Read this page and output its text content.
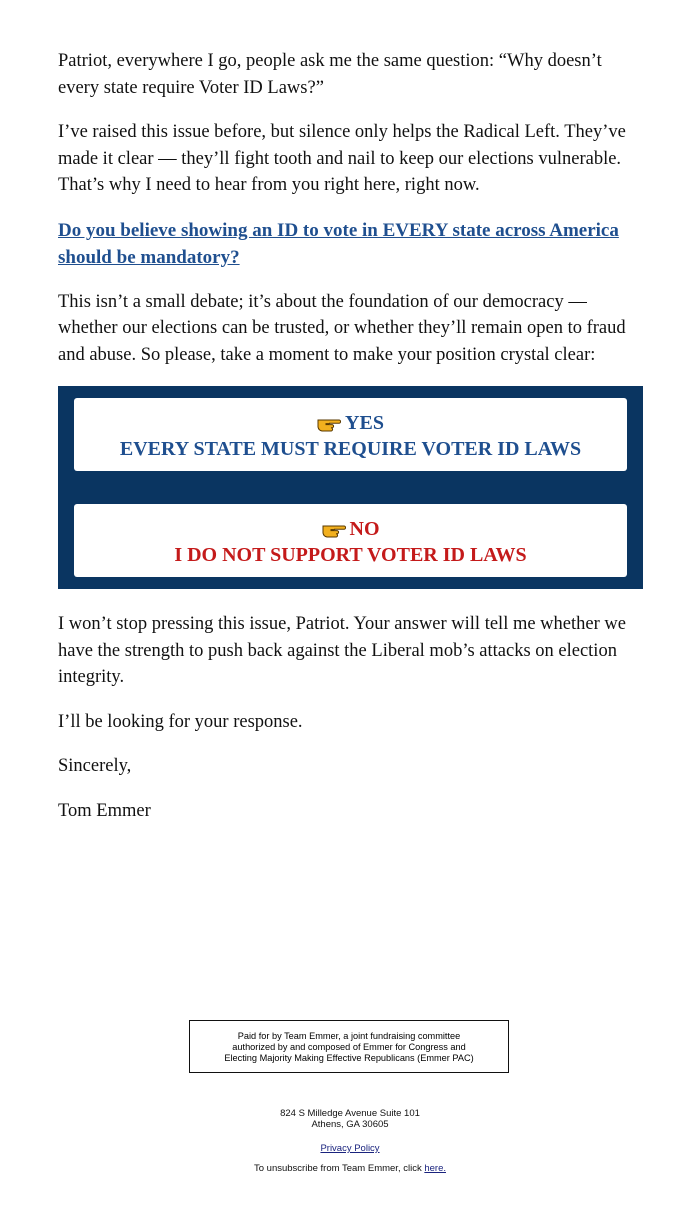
Patriot, everywhere I go, people ask me the same question: “Why doesn’t every state require Voter ID Laws?”

I’ve raised this issue before, but silence only helps the Radical Left. They’ve made it clear — they’ll fight tooth and nail to keep our elections vulnerable. That’s why I need to hear from you right here, right now.

Do you believe showing an ID to vote in EVERY state across America should be mandatory?

This isn’t a small debate; it’s about the foundation of our democracy — whether our elections can be trusted, or whether they’ll remain open to fraud and abuse. So please, take a moment to make your position crystal clear:

YES
EVERY STATE MUST REQUIRE VOTER ID LAWS
NO
I DO NOT SUPPORT VOTER ID LAWS

I won’t stop pressing this issue, Patriot. Your answer will tell me whether we have the strength to push back against the Liberal mob’s attacks on election integrity.

I’ll be looking for your response.

Sincerely,

Tom Emmer

Paid for by Team Emmer, a joint fundraising committee
authorized by and composed of Emmer for Congress and
Electing Majority Making Effective Republicans (Emmer PAC)
824 S Milledge Avenue Suite 101
Athens, GA 30605
Privacy Policy
To unsubscribe from Team Emmer, click here.
